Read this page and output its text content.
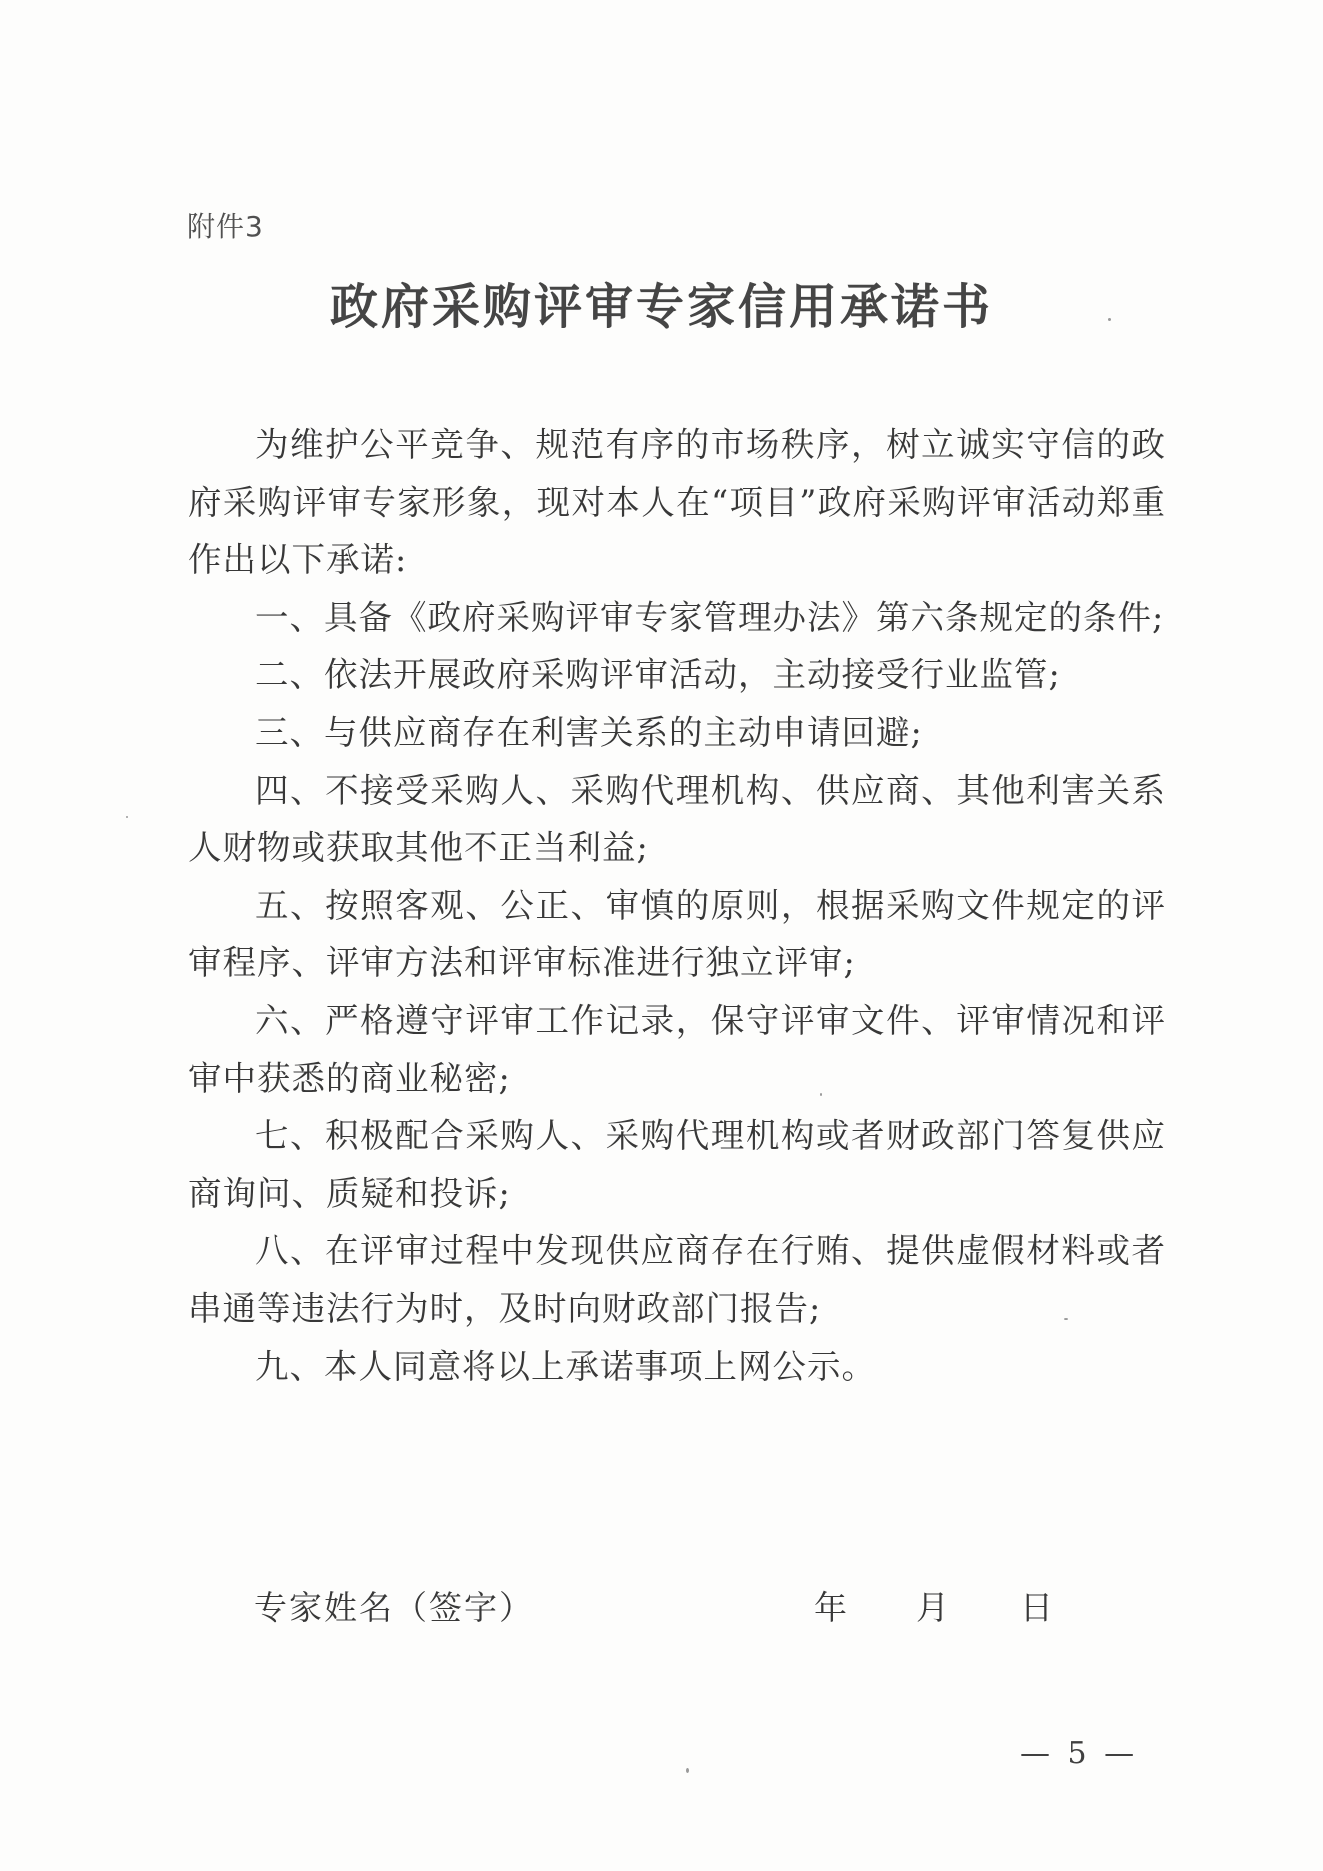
附件3
政府采购评审专家信用承诺书

为维护公平竞争、规范有序的市场秩序，树立诚实守信的政府采购评审专家形象，现对本人在“项目”政府采购评审活动郑重作出以下承诺:

一、具备《政府采购评审专家管理办法》第六条规定的条件;

二、依法开展政府采购评审活动，主动接受行业监管;

三、与供应商存在利害关系的主动申请回避;

四、不接受采购人、采购代理机构、供应商、其他利害关系人财物或获取其他不正当利益;

五、按照客观、公正、审慎的原则，根据采购文件规定的评审程序、评审方法和评审标准进行独立评审;

六、严格遵守评审工作记录，保守评审文件、评审情况和评审中获悉的商业秘密;

七、积极配合采购人、采购代理机构或者财政部门答复供应商询问、质疑和投诉;

八、在评审过程中发现供应商存在行贿、提供虚假材料或者串通等违法行为时，及时向财政部门报告;

九、本人同意将以上承诺事项上网公示。

专家姓名（签字）	年 月 日
— 5 —
